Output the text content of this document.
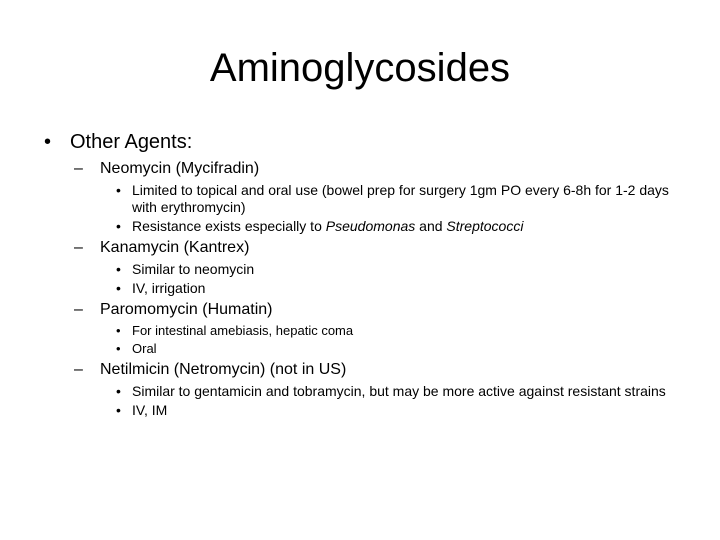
Aminoglycosides
• Other Agents:
– Neomycin (Mycifradin)
• Limited to topical and oral use (bowel prep for surgery 1gm PO every 6-8h for 1-2 days with erythromycin)
• Resistance exists especially to Pseudomonas and Streptococci
– Kanamycin (Kantrex)
• Similar to neomycin
• IV, irrigation
– Paromomycin (Humatin)
• For intestinal amebiasis, hepatic coma
• Oral
– Netilmicin (Netromycin) (not in US)
• Similar to gentamicin and tobramycin, but may be more active against resistant strains
• IV, IM
